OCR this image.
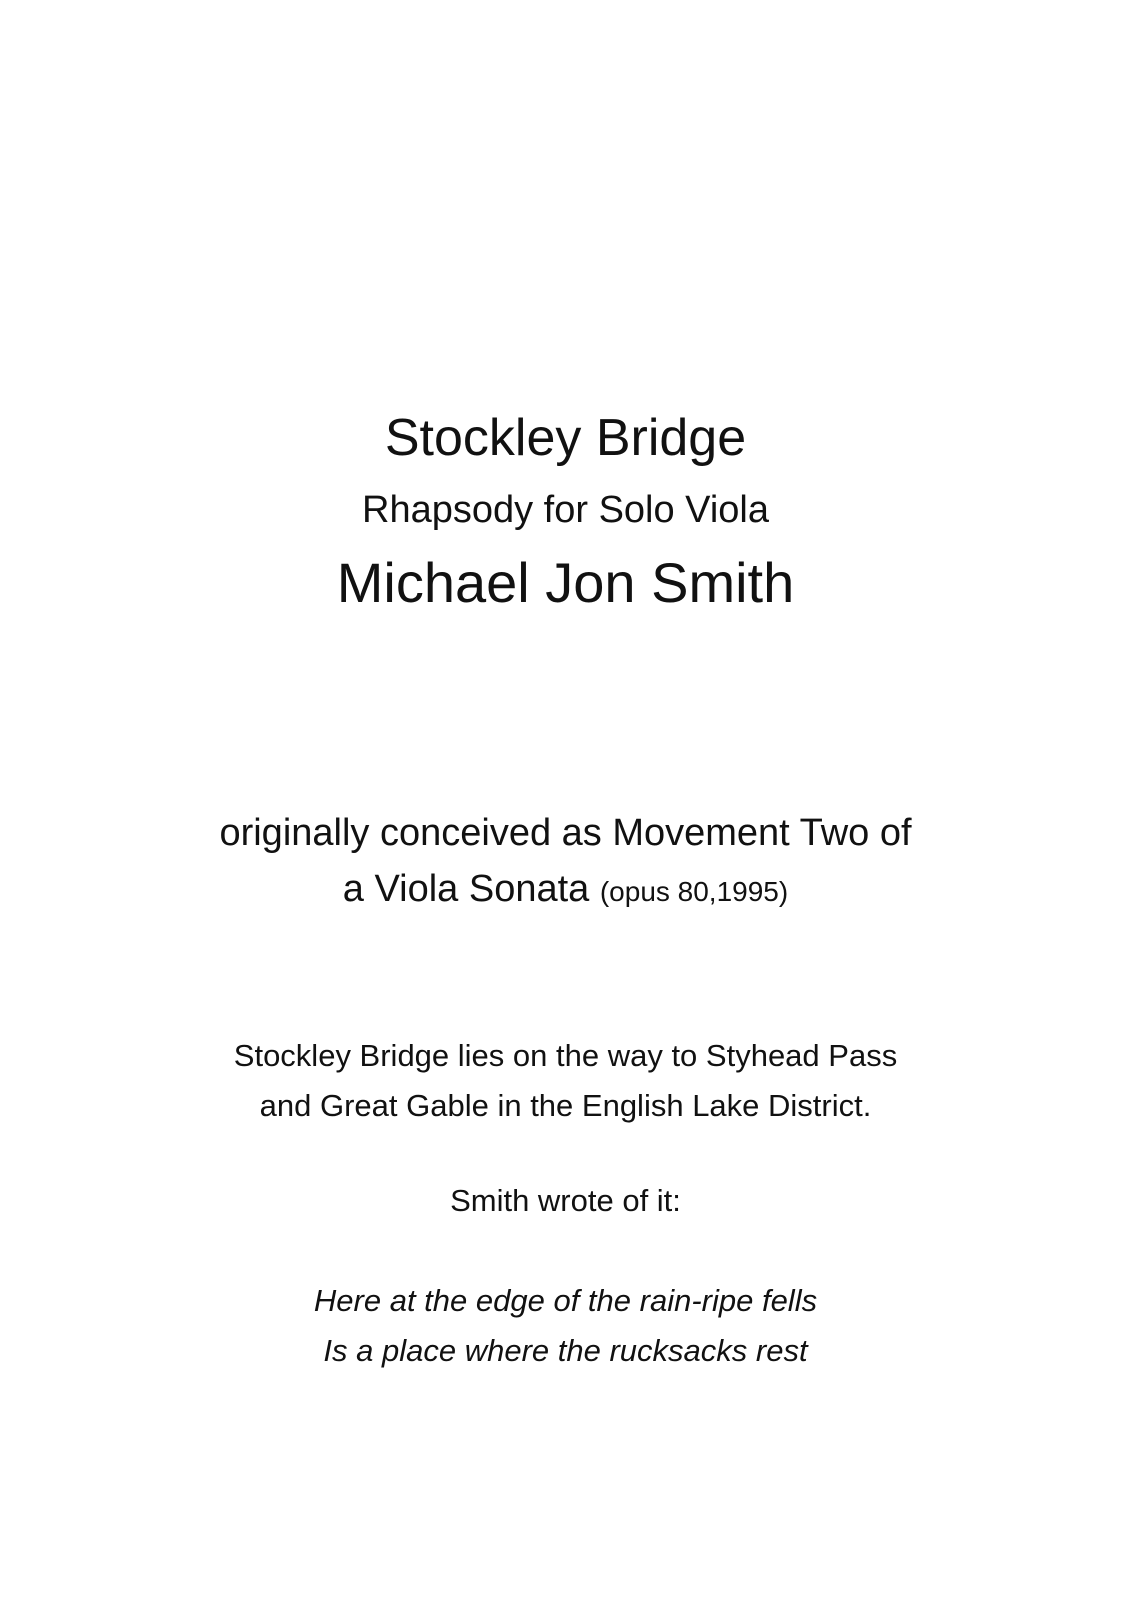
Stockley Bridge
Rhapsody for Solo Viola
Michael Jon Smith
originally conceived as Movement Two of
a Viola Sonata (opus 80,1995)
Stockley Bridge lies on the way to Styhead Pass
and Great Gable in the English Lake District.
Smith wrote of it:
Here at the edge of the rain-ripe fells
Is a place where the rucksacks rest
